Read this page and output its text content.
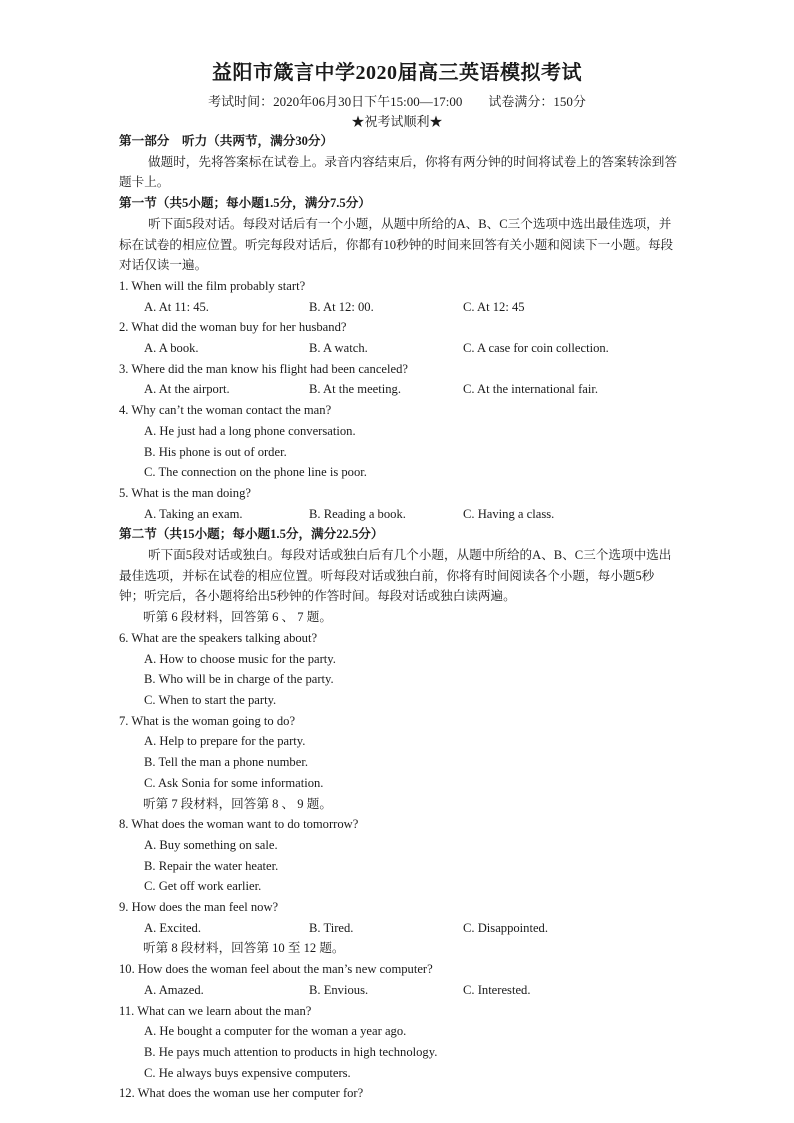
益阳市箴言中学2020届高三英语模拟考试
考试时间：2020年06月30日下午15:00—17:00 试卷满分：150分
★祝考试顺利★
第一部分　听力（共两节，满分30分）
做题时，先将答案标在试卷上。录音内容结束后，你将有两分钟的时间将试卷上的答案转涂到答题卡上。
第一节（共5小题；每小题1.5分，满分7.5分）
听下面5段对话。每段对话后有一个小题，从题中所给的A、B、C三个选项中选出最佳选项，并标在试卷的相应位置。听完每段对话后，你都有10秒钟的时间来回答有关小题和阅读下一小题。每段对话仅读一遍。
1. When will the film probably start?
A. At 11: 45.	B. At 12: 00.	C. At 12: 45
2. What did the woman buy for her husband?
A. A book.	B. A watch.	C. A case for coin collection.
3. Where did the man know his flight had been canceled?
A. At the airport.	B. At the meeting.	C. At the international fair.
4. Why can’t the woman contact the man?
A. He just had a long phone conversation.
B. His phone is out of order.
C. The connection on the phone line is poor.
5. What is the man doing?
A. Taking an exam.	B. Reading a book.	C. Having a class.
第二节（共15小题；每小题1.5分，满分22.5分）
听下面5段对话或独白。每段对话或独白后有几个小题，从题中所给的A、B、C三个选项中选出最佳选项，并标在试卷的相应位置。听每段对话或独白前，你将有时间阅读各个小题，每小题5秒钟；听完后，各小题将给出5秒钟的作答时间。每段对话或独白读两遍。
听第 6 段材料，回答第 6 、 7 题。
6. What are the speakers talking about?
A. How to choose music for the party.
B. Who will be in charge of the party.
C. When to start the party.
7. What is the woman going to do?
A. Help to prepare for the party.
B. Tell the man a phone number.
C. Ask Sonia for some information.
听第 7 段材料，回答第 8 、 9 题。
8. What does the woman want to do tomorrow?
A. Buy something on sale.
B. Repair the water heater.
C. Get off work earlier.
9. How does the man feel now?
A. Excited.	B. Tired.	C. Disappointed.
听第 8 段材料，回答第 10 至 12 题。
10. How does the woman feel about the man’s new computer?
A. Amazed.	B. Envious.	C. Interested.
11. What can we learn about the man?
A. He bought a computer for the woman a year ago.
B. He pays much attention to products in high technology.
C. He always buys expensive computers.
12. What does the woman use her computer for?
